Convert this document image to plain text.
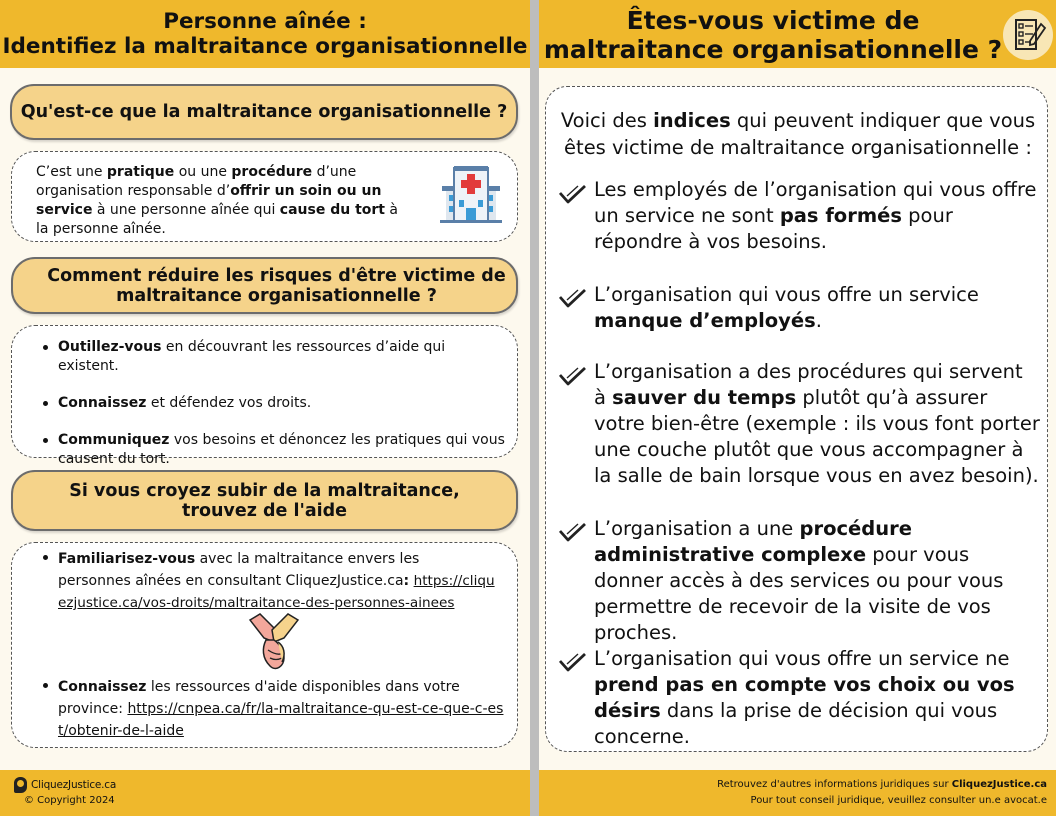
Personne aînée :
Identifiez la maltraitance organisationnelle
Qu'est-ce que la maltraitance organisationnelle ?

C’est une pratique ou une procédure d’une organisation responsable d’offrir un soin ou un service à une personne aînée qui cause du tort à la personne aînée.

Comment réduire les risques d'être victime de
maltraitance organisationnelle ?
Outillez-vous en découvrant les ressources d’aide qui existent.
Connaissez et défendez vos droits.
Communiquez vos besoins et dénoncez les pratiques qui vous causent du tort.
Si vous croyez subir de la maltraitance,
trouvez de l'aide
Familiarisez-vous avec la maltraitance envers les personnes aînées en consultant CliquezJustice.ca: https://cliquezjustice.ca/vos-droits/maltraitance-des-personnes-ainees
Connaissez les ressources d'aide disponibles dans votre province: https://cnpea.ca/fr/la-maltraitance-qu-est-ce-que-c-est/obtenir-de-l-aide
CliquezJustice.ca
© Copyright 2024
Êtes-vous victime de
maltraitance organisationnelle ?

Voici des indices qui peuvent indiquer que vous êtes victime de maltraitance organisationnelle :

Les employés de l’organisation qui vous offre un service ne sont pas formés pour répondre à vos besoins.

L’organisation qui vous offre un service manque d’employés.

L’organisation a des procédures qui servent à sauver du temps plutôt qu’à assurer votre bien-être (exemple : ils vous font porter une couche plutôt que vous accompagner à la salle de bain lorsque vous en avez besoin).

L’organisation a une procédure administrative complexe pour vous donner accès à des services ou pour vous permettre de recevoir de la visite de vos proches.

L’organisation qui vous offre un service ne prend pas en compte vos choix ou vos désirs dans la prise de décision qui vous concerne.

Retrouvez d'autres informations juridiques sur CliquezJustice.ca
Pour tout conseil juridique, veuillez consulter un.e avocat.e
